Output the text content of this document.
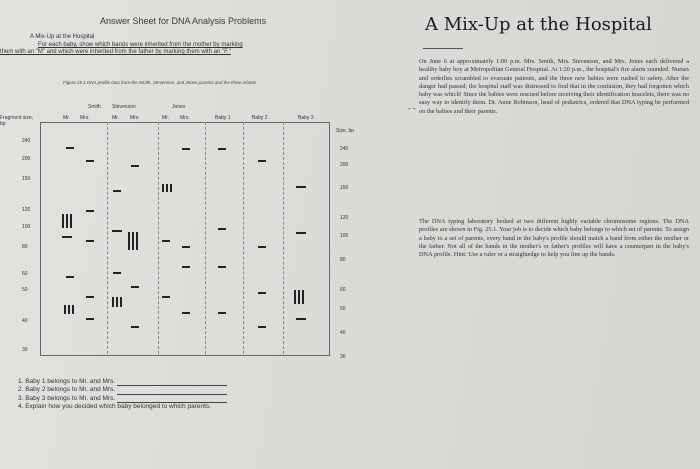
Answer Sheet for DNA Analysis Problems
A Mix-Up at the Hospital
For each baby, show which bands were inherited from the mother by marking
them with an "M" and which were inherited from the father by marking them with an "F."
Figure 25.1 DNA profile data from the Smith, Stevenson, and Jones parents and the three infants.
Smith Stevenson	Jones
Mr. Mrs.	Mr. Mrs.	Mr. Mrs.	Baby 1	Baby 2	Baby 3
Fragment size, bp
Size, bp
240
200
150
120
100
80
60
50
40
30
240
200
150
120
100
80
60
50
40
30
1. Baby 1 belongs to Mr. and Mrs.
2. Baby 2 belongs to Mr. and Mrs.
3. Baby 3 belongs to Mr. and Mrs.
4. Explain how you decided which baby belonged to which parents.
A Mix-Up at the Hospital
- -
On June 6 at approximately 1:00 p.m. Mrs. Smith, Mrs. Stevenson, and Mrs. Jones each delivered a healthy baby boy at Metropolitan General Hospital. At 1:20 p.m., the hospital's fire alarm sounded. Nurses and orderlies scrambled to evacuate patients, and the three new babies were rushed to safety. After the danger had passed, the hospital staff was distressed to find that in the confusion, they had forgotten which baby was which! Since the babies were rescued before receiving their identification bracelets, there was no easy way to identify them. Dr. Anne Robinson, head of pediatrics, ordered that DNA typing be performed on the babies and their parents.
The DNA typing laboratory looked at two different highly variable chromosome regions. The DNA profiles are shown in Fig. 25.1. Your job is to decide which baby belongs to which set of parents. To assign a baby to a set of parents, every band in the baby's profile should match a band from either the mother or the father. Not all of the bands in the mother's or father's profiles will have a counterpart in the baby's DNA profile. Hint: Use a ruler or a straightedge to help you line up the bands.
